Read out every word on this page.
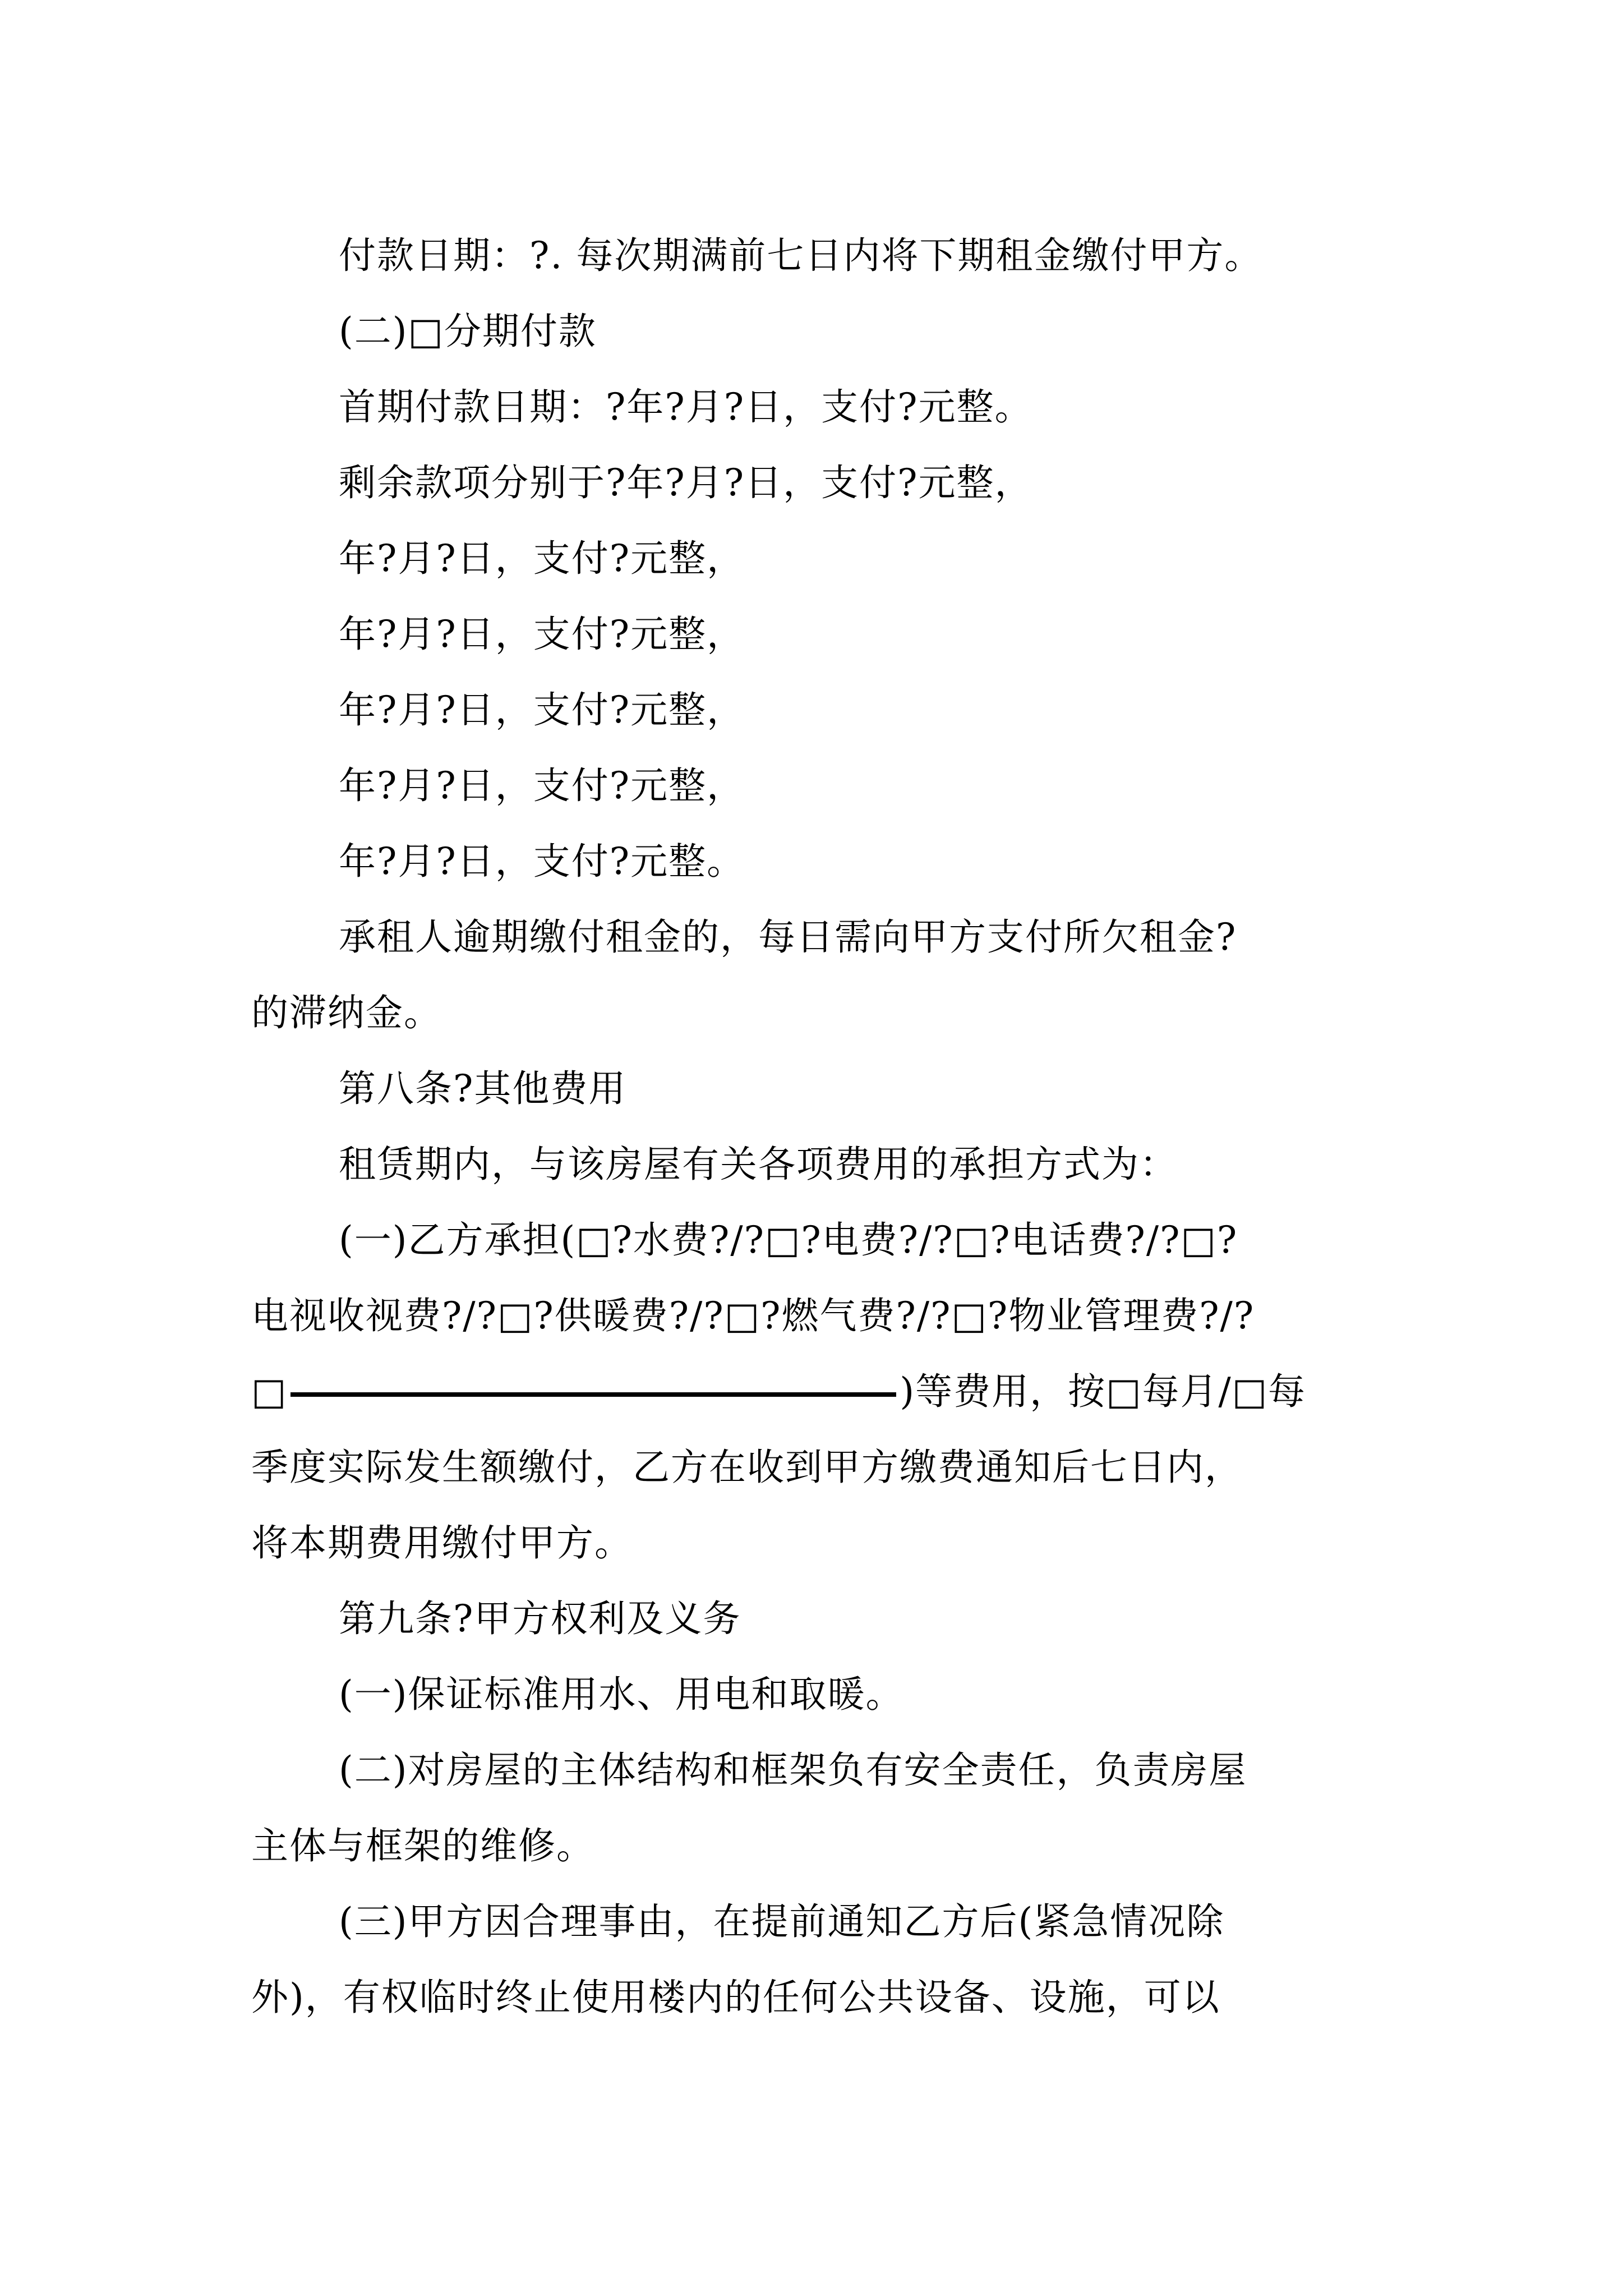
付款日期：?. 每次期满前七日内将下期租金缴付甲方。
(二)□分期付款
首期付款日期：?年?月?日，支付?元整。
剩余款项分别于?年?月?日，支付?元整，
年?月?日，支付?元整，
年?月?日，支付?元整，
年?月?日，支付?元整，
年?月?日，支付?元整，
年?月?日，支付?元整。
承租人逾期缴付租金的，每日需向甲方支付所欠租金?
的滞纳金。
第八条?其他费用
租赁期内，与该房屋有关各项费用的承担方式为：
(一)乙方承担(□?水费?/?□?电费?/?□?电话费?/?□?
电视收视费?/?□?供暖费?/?□?燃气费?/?□?物业管理费?/?
□	)等费用，按□每月/□每
季度实际发生额缴付，乙方在收到甲方缴费通知后七日内，
将本期费用缴付甲方。
第九条?甲方权利及义务
(一)保证标准用水、用电和取暖。
(二)对房屋的主体结构和框架负有安全责任，负责房屋
主体与框架的维修。
(三)甲方因合理事由，在提前通知乙方后(紧急情况除
外)，有权临时终止使用楼内的任何公共设备、设施，可以
